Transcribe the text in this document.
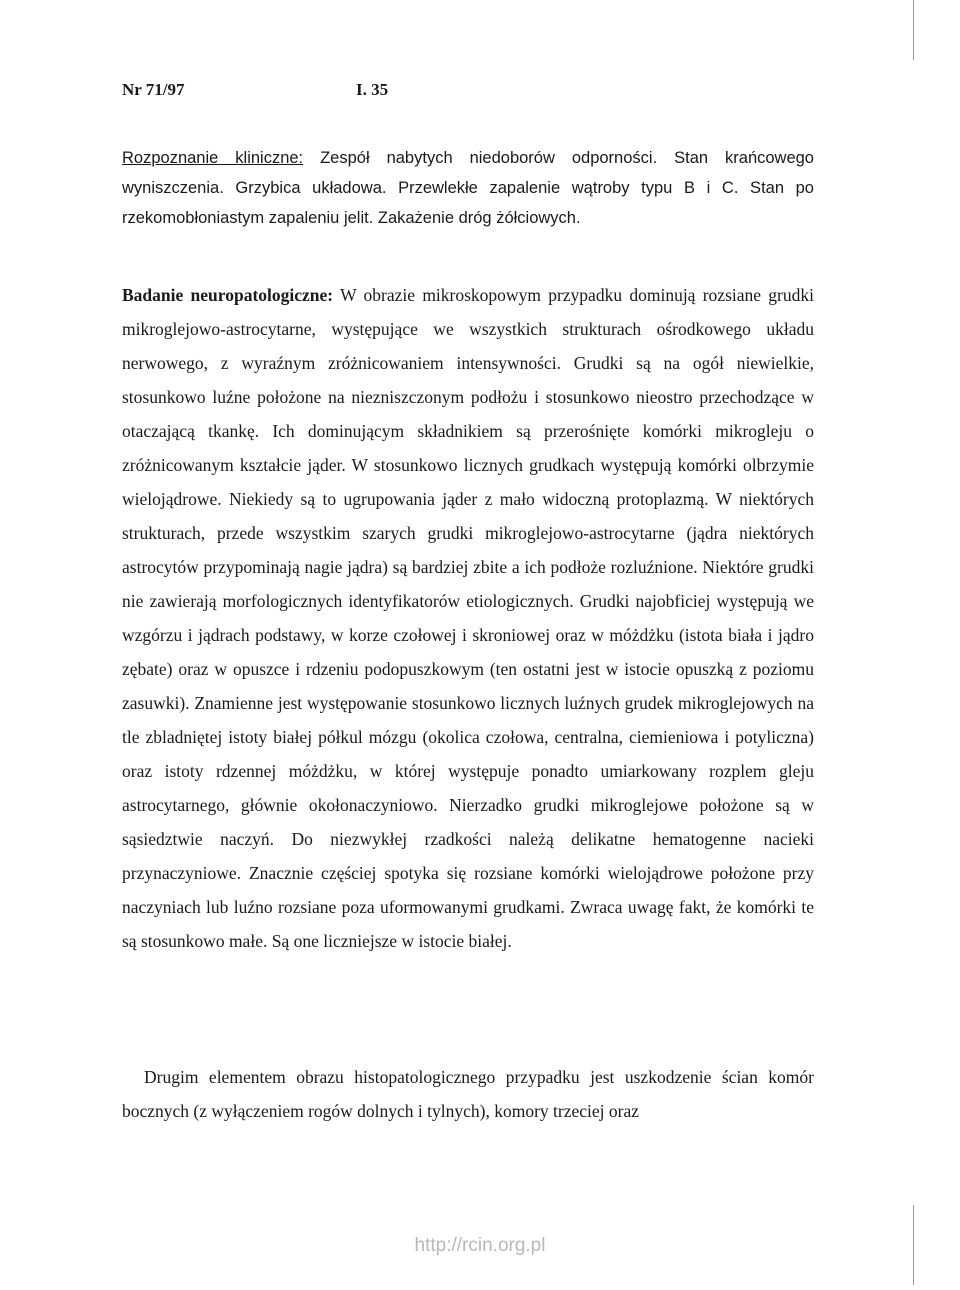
Nr 71/97	I. 35

Rozpoznanie kliniczne: Zespół nabytych niedoborów odporności. Stan krańcowego wyniszczenia. Grzybica układowa. Przewlekłe zapalenie wątroby typu B i C. Stan po rzekomobłoniastym zapaleniu jelit. Zakażenie dróg żółciowych.

Badanie neuropatologiczne: W obrazie mikroskopowym przypadku dominują rozsiane grudki mikroglejowo-astrocytarne, występujące we wszystkich strukturach ośrodkowego układu nerwowego, z wyraźnym zróżnicowaniem intensywności. Grudki są na ogół niewielkie, stosunkowo luźne położone na niezniszczonym podłożu i stosunkowo nieostro przechodzące w otaczającą tkankę. Ich dominującym składnikiem są przerośnięte komórki mikrogleju o zróżnicowanym kształcie jąder. W stosunkowo licznych grudkach występują komórki olbrzymie wielojądrowe. Niekiedy są to ugrupowania jąder z mało widoczną protoplazmą. W niektórych strukturach, przede wszystkim szarych grudki mikroglejowo-astrocytarne (jądra niektórych astrocytów przypominają nagie jądra) są bardziej zbite a ich podłoże rozluźnione. Niektóre grudki nie zawierają morfologicznych identyfikatorów etiologicznych. Grudki najobficiej występują we wzgórzu i jądrach podstawy, w korze czołowej i skroniowej oraz w móżdżku (istota biała i jądro zębate) oraz w opuszce i rdzeniu podopuszkowym (ten ostatni jest w istocie opuszką z poziomu zasuwki). Znamienne jest występowanie stosunkowo licznych luźnych grudek mikroglejowych na tle zbladniętej istoty białej półkul mózgu (okolica czołowa, centralna, ciemieniowa i potyliczna) oraz istoty rdzennej móżdżku, w której występuje ponadto umiarkowany rozplem gleju astrocytarnego, głównie okołonaczyniowo. Nierzadko grudki mikroglejowe położone są w sąsiedztwie naczyń. Do niezwykłej rzadkości należą delikatne hematogenne nacieki przynaczyniowe. Znacznie częściej spotyka się rozsiane komórki wielojądrowe położone przy naczyniach lub luźno rozsiane poza uformowanymi grudkami. Zwraca uwagę fakt, że komórki te są stosunkowo małe. Są one liczniejsze w istocie białej.

Drugim elementem obrazu histopatologicznego przypadku jest uszkodzenie ścian komór bocznych (z wyłączeniem rogów dolnych i tylnych), komory trzeciej oraz

http://rcin.org.pl
